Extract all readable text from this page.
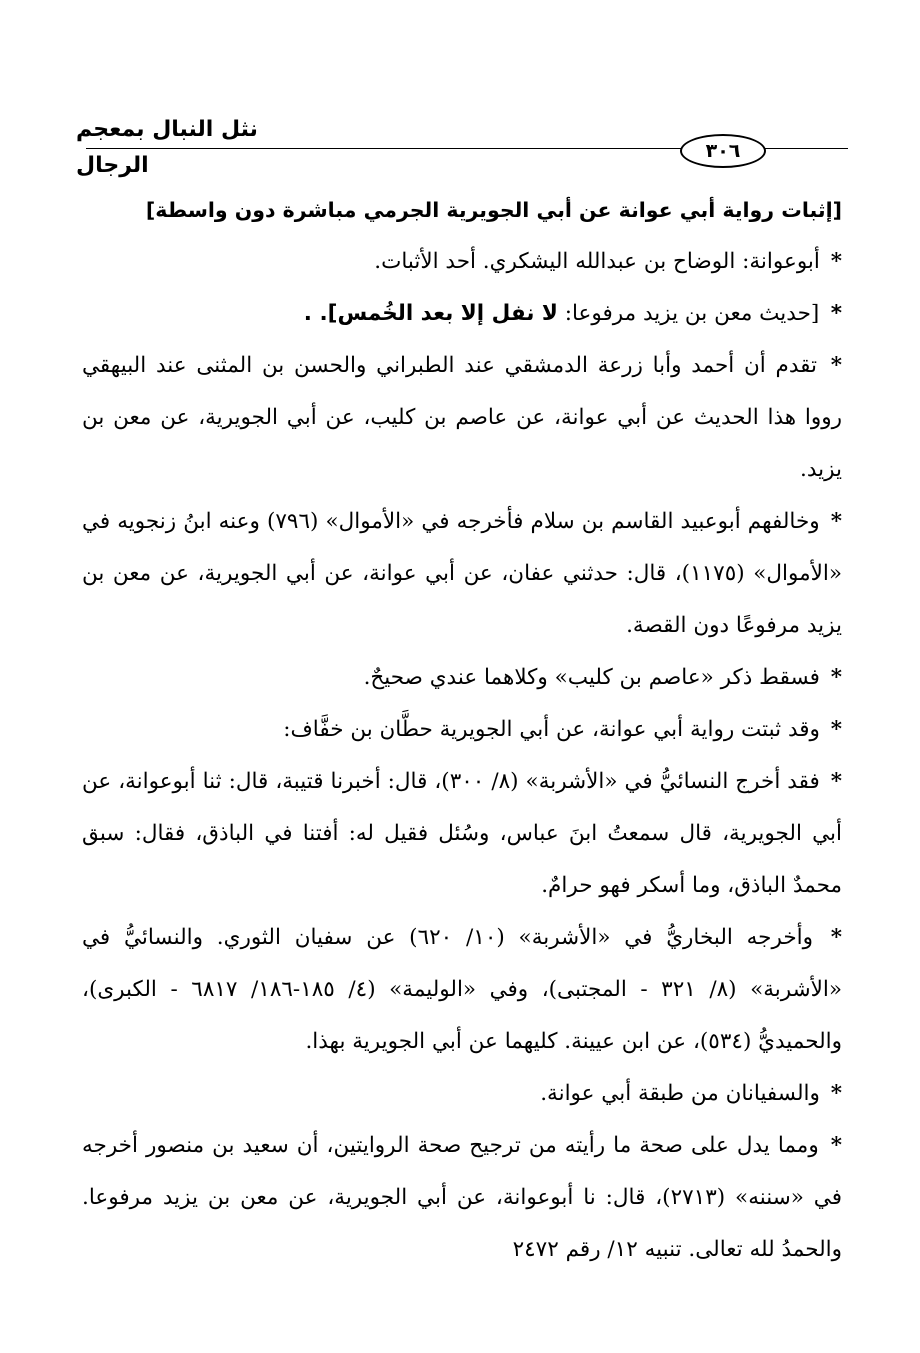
نثل النبال بمعجم الرجال
٣٠٦

[إثبات رواية أبي عوانة عن أبي الجويرية الجرمي مباشرة دون واسطة]

* أبوعوانة: الوضاح بن عبدالله اليشكري. أحد الأثبات.

* [حديث معن بن يزيد مرفوعا: لا نفل إلا بعد الخُمس]. .

* تقدم أن أحمد وأبا زرعة الدمشقي عند الطبراني والحسن بن المثنى عند البيهقي رووا هذا الحديث عن أبي عوانة، عن عاصم بن كليب، عن أبي الجويرية، عن معن بن يزيد.

* وخالفهم أبوعبيد القاسم بن سلام فأخرجه في «الأموال» (٧٩٦) وعنه ابنُ زنجويه في «الأموال» (١١٧٥)، قال: حدثني عفان، عن أبي عوانة، عن أبي الجويرية، عن معن بن يزيد مرفوعًا دون القصة.

* فسقط ذكر «عاصم بن كليب» وكلاهما عندي صحيحٌ.

* وقد ثبتت رواية أبي عوانة، عن أبي الجويرية حطَّان بن خفَّاف:

* فقد أخرج النسائيُّ في «الأشربة» (٨/ ٣٠٠)، قال: أخبرنا قتيبة، قال: ثنا أبوعوانة، عن أبي الجويرية، قال سمعتُ ابنَ عباس، وسُئل فقيل له: أفتنا في الباذق، فقال: سبق محمدٌ الباذق، وما أسكر فهو حرامٌ.

* وأخرجه البخاريُّ في «الأشربة» (١٠/ ٦٢٠) عن سفيان الثوري. والنسائيُّ في «الأشربة» (٨/ ٣٢١ - المجتبى)، وفي «الوليمة» (٤/ ١٨٥-١٨٦/ ٦٨١٧ - الكبرى)، والحميديُّ (٥٣٤)، عن ابن عيينة. كليهما عن أبي الجويرية بهذا.

* والسفيانان من طبقة أبي عوانة.

* ومما يدل على صحة ما رأيته من ترجيح صحة الروايتين، أن سعيد بن منصور أخرجه في «سننه» (٢٧١٣)، قال: نا أبوعوانة، عن أبي الجويرية، عن معن بن يزيد مرفوعا. والحمدُ لله تعالى. تنبيه ١٢/ رقم ٢٤٧٢
